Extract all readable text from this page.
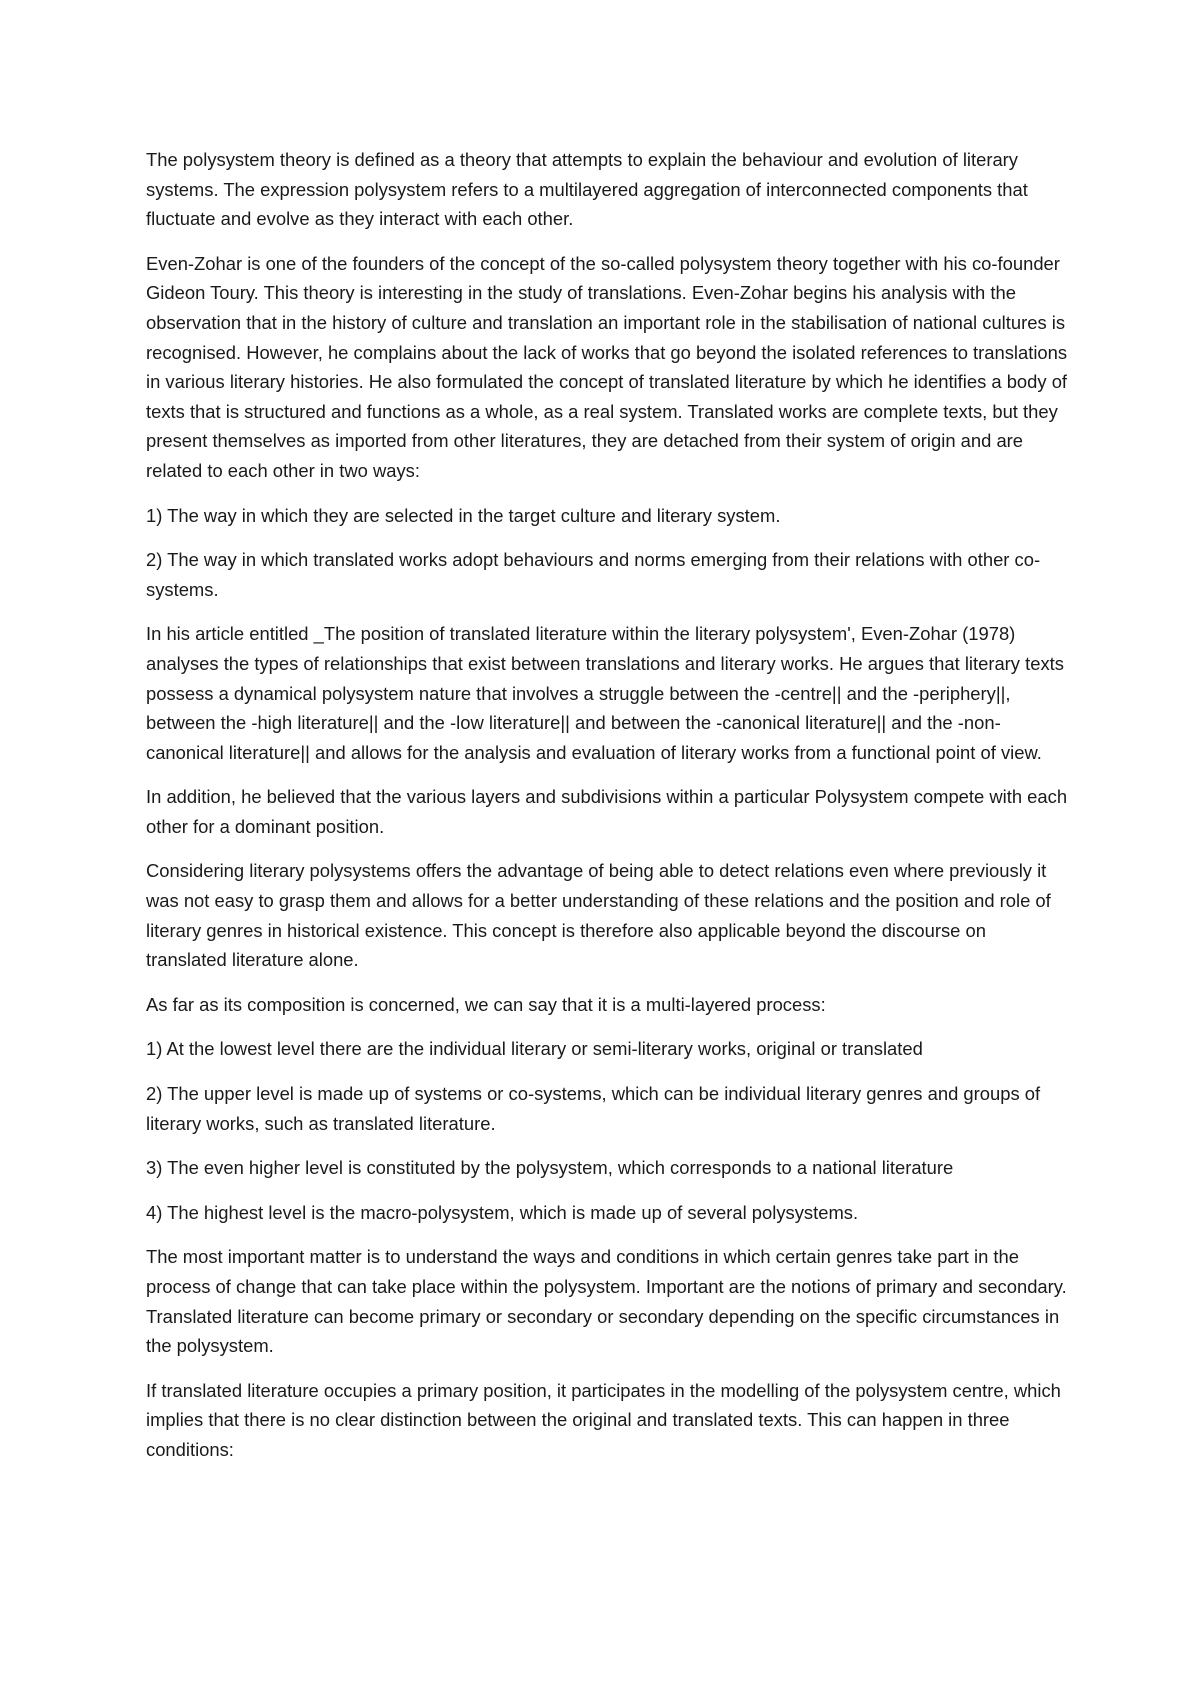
The polysystem theory is defined as a theory that attempts to explain the behaviour and evolution of literary systems. The expression polysystem refers to a multilayered aggregation of interconnected components that fluctuate and evolve as they interact with each other.

Even-Zohar is one of the founders of the concept of the so-called polysystem theory together with his co-founder Gideon Toury. This theory is interesting in the study of translations. Even-Zohar begins his analysis with the observation that in the history of culture and translation an important role in the stabilisation of national cultures is recognised. However, he complains about the lack of works that go beyond the isolated references to translations in various literary histories. He also formulated the concept of translated literature by which he identifies a body of texts that is structured and functions as a whole, as a real system. Translated works are complete texts, but they present themselves as imported from other literatures, they are detached from their system of origin and are related to each other in two ways:

1) The way in which they are selected in the target culture and literary system.

2) The way in which translated works adopt behaviours and norms emerging from their relations with other co-systems.

In his article entitled _The position of translated literature within the literary polysystem', Even-Zohar (1978) analyses the types of relationships that exist between translations and literary works. He argues that literary texts possess a dynamical polysystem nature that involves a struggle between the -centre|| and the -periphery||, between the -high literature|| and the -low literature|| and between the -canonical literature|| and the -non-canonical literature|| and allows for the analysis and evaluation of literary works from a functional point of view.

In addition, he believed that the various layers and subdivisions within a particular Polysystem compete with each other for a dominant position.

Considering literary polysystems offers the advantage of being able to detect relations even where previously it was not easy to grasp them and allows for a better understanding of these relations and the position and role of literary genres in historical existence. This concept is therefore also applicable beyond the discourse on translated literature alone.

As far as its composition is concerned, we can say that it is a multi-layered process:

1) At the lowest level there are the individual literary or semi-literary works, original or translated

2) The upper level is made up of systems or co-systems, which can be individual literary genres and groups of literary works, such as translated literature.

3) The even higher level is constituted by the polysystem, which corresponds to a national literature

4) The highest level is the macro-polysystem, which is made up of several polysystems.

The most important matter is to understand the ways and conditions in which certain genres take part in the process of change that can take place within the polysystem. Important are the notions of primary and secondary. Translated literature can become primary or secondary or secondary depending on the specific circumstances in the polysystem.

If translated literature occupies a primary position, it participates in the modelling of the polysystem centre, which implies that there is no clear distinction between the original and translated texts. This can happen in three conditions:
